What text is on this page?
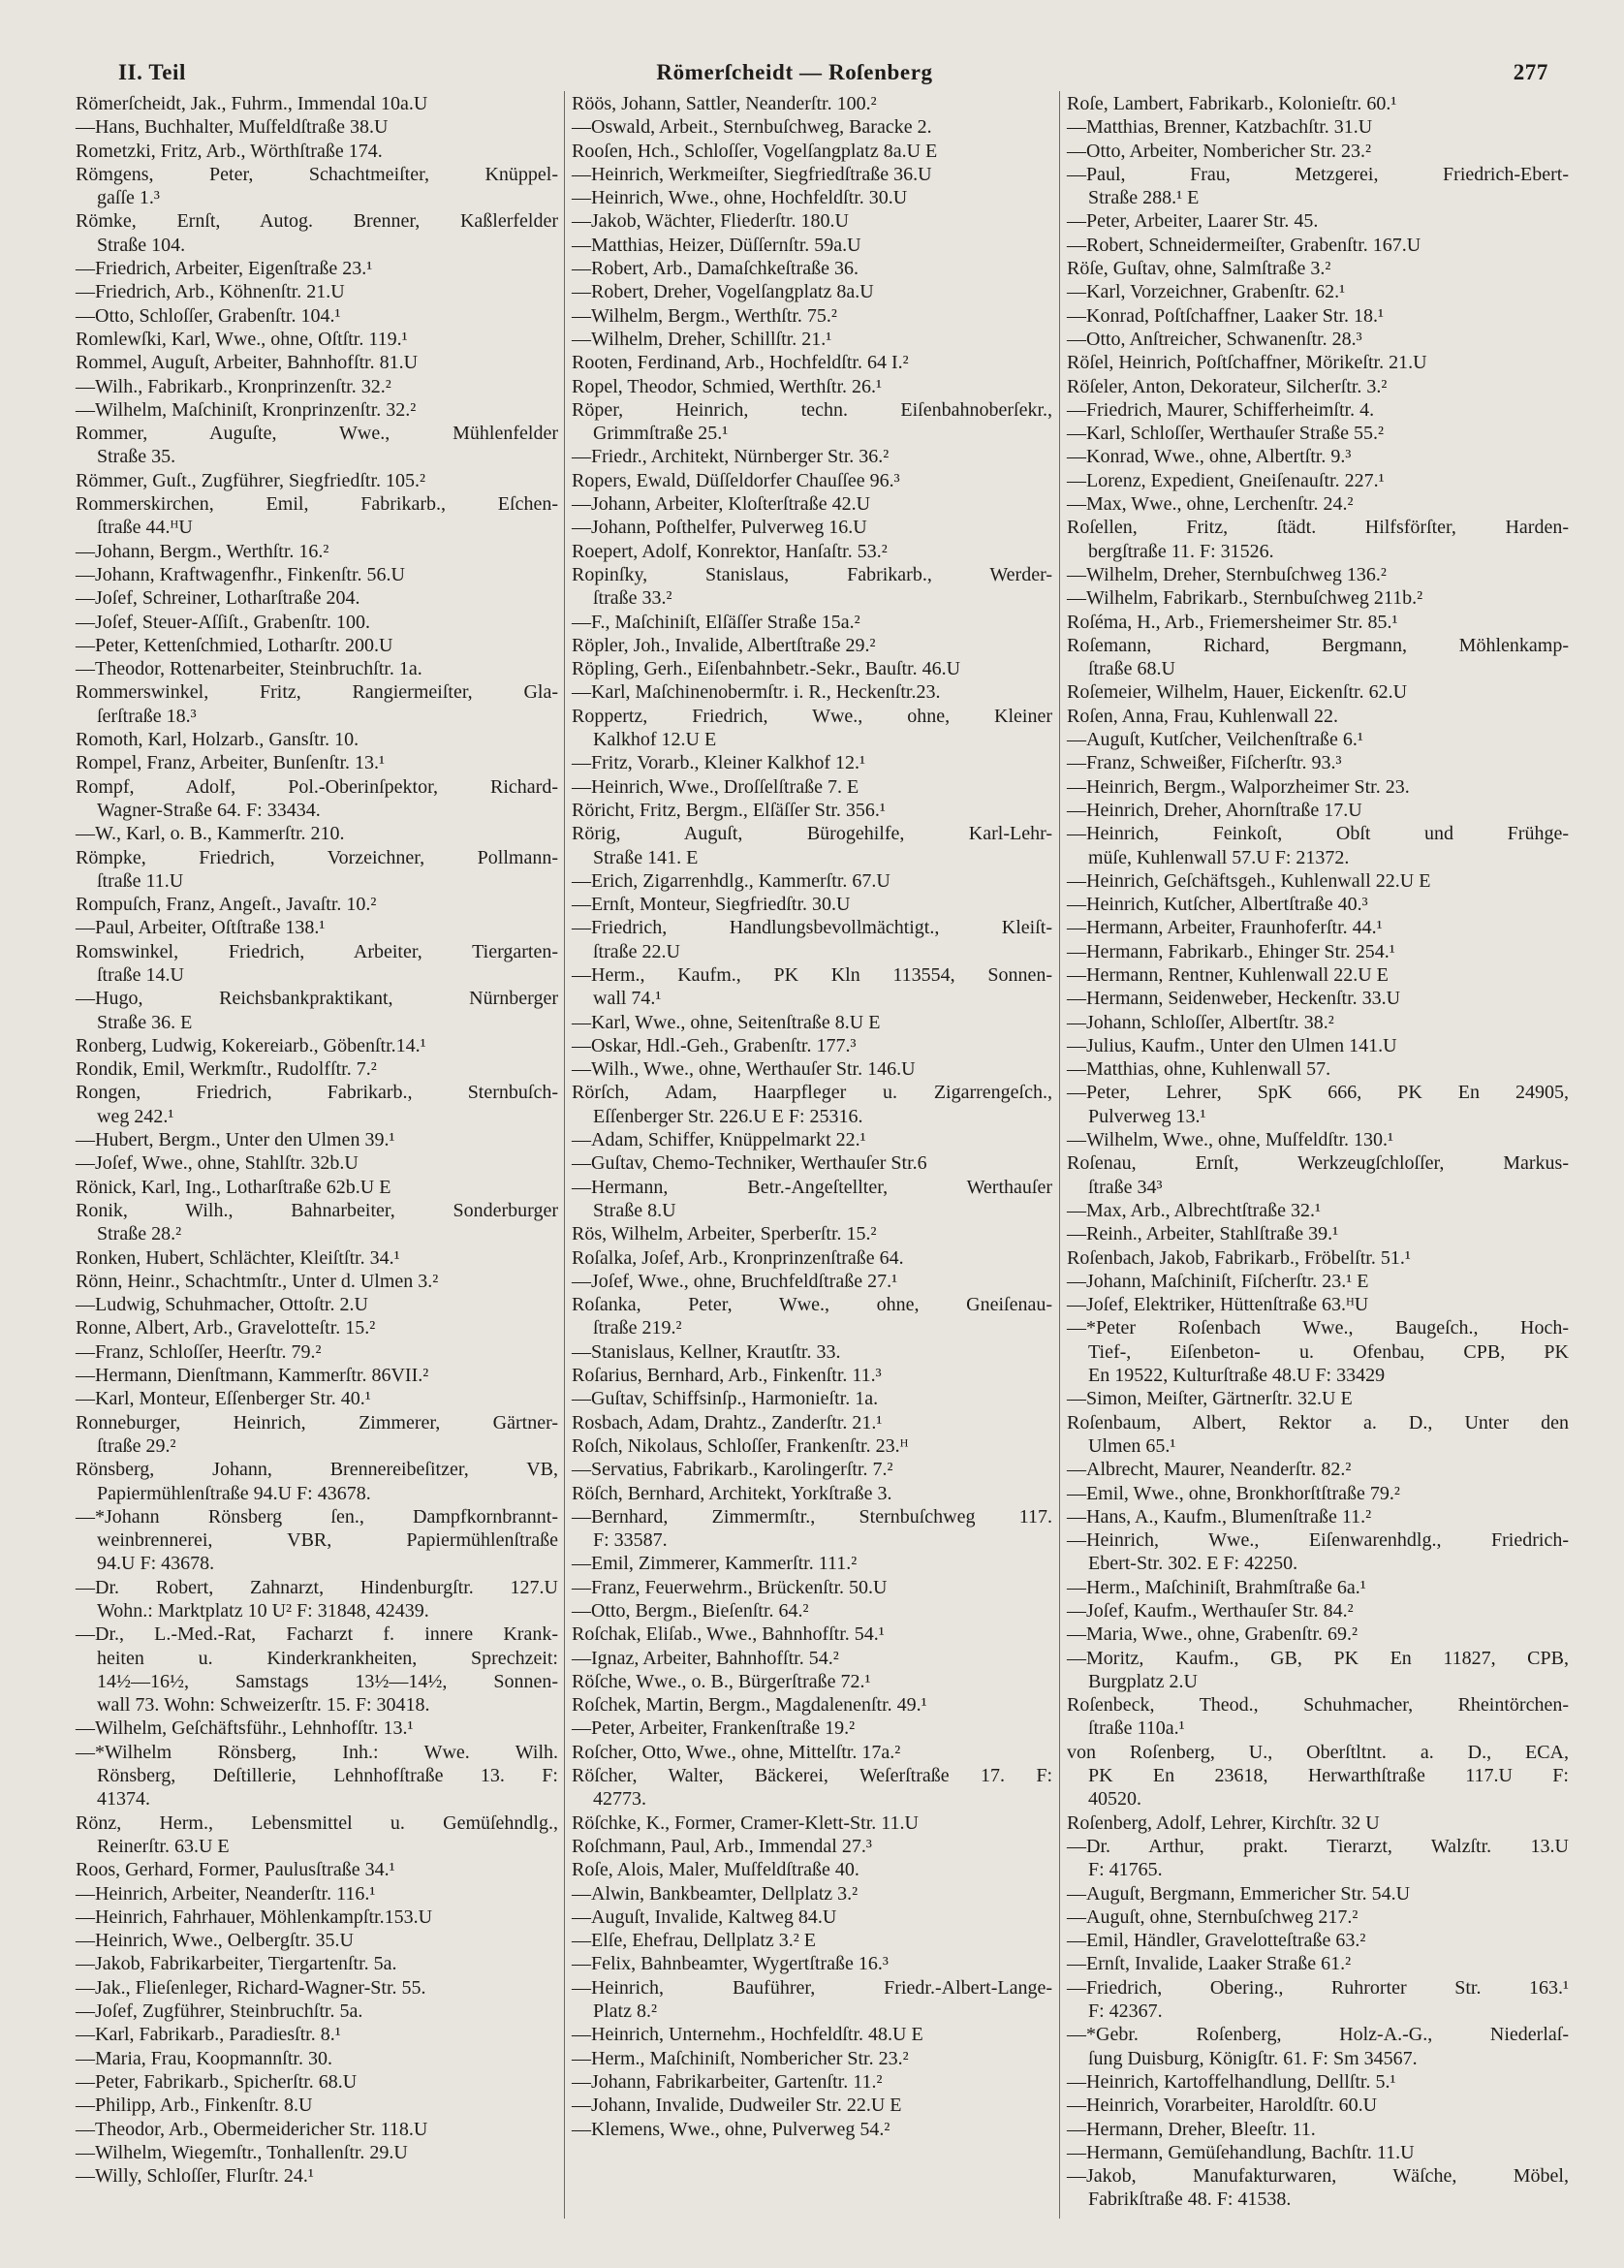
II. Teil	Römerſcheidt — Roſenberg	277
Römerſcheidt, Jak., Fuhrm., Immendal 10a.U
—Hans, Buchhalter, Muſfeldſtraße 38.U
Rometzki, Fritz, Arb., Wörthſtraße 174.
Römgens, Peter, Schachtmeiſter, Knüppel-
gaſſe 1.³
Römke, Ernſt, Autog. Brenner, Kaßlerfelder
Straße 104.
—Friedrich, Arbeiter, Eigenſtraße 23.¹
—Friedrich, Arb., Köhnenſtr. 21.U
—Otto, Schloſſer, Grabenſtr. 104.¹
Romlewſki, Karl, Wwe., ohne, Oſtſtr. 119.¹
Rommel, Auguſt, Arbeiter, Bahnhofſtr. 81.U
—Wilh., Fabrikarb., Kronprinzenſtr. 32.²
—Wilhelm, Maſchiniſt, Kronprinzenſtr. 32.²
Rommer, Auguſte, Wwe., Mühlenfelder
Straße 35.
Römmer, Guſt., Zugführer, Siegfriedſtr. 105.²
Rommerskirchen, Emil, Fabrikarb., Eſchen-
ſtraße 44.ᴴU
—Johann, Bergm., Werthſtr. 16.²
—Johann, Kraftwagenfhr., Finkenſtr. 56.U
—Joſef, Schreiner, Lotharſtraße 204.
—Joſef, Steuer-Aſſiſt., Grabenſtr. 100.
—Peter, Kettenſchmied, Lotharſtr. 200.U
—Theodor, Rottenarbeiter, Steinbruchſtr. 1a.
Rommerswinkel, Fritz, Rangiermeiſter, Gla-
ſerſtraße 18.³
Romoth, Karl, Holzarb., Gansſtr. 10.
Rompel, Franz, Arbeiter, Bunſenſtr. 13.¹
Rompf, Adolf, Pol.-Oberinſpektor, Richard-
Wagner-Straße 64. F: 33434.
—W., Karl, o. B., Kammerſtr. 210.
Römpke, Friedrich, Vorzeichner, Pollmann-
ſtraße 11.U
Rompuſch, Franz, Angeſt., Javaſtr. 10.²
—Paul, Arbeiter, Oſtſtraße 138.¹
Romswinkel, Friedrich, Arbeiter, Tiergarten-
ſtraße 14.U
—Hugo, Reichsbankpraktikant, Nürnberger
Straße 36. E
Ronberg, Ludwig, Kokereiarb., Göbenſtr.14.¹
Rondik, Emil, Werkmſtr., Rudolfſtr. 7.²
Rongen, Friedrich, Fabrikarb., Sternbuſch-
weg 242.¹
—Hubert, Bergm., Unter den Ulmen 39.¹
—Joſef, Wwe., ohne, Stahlſtr. 32b.U
Rönick, Karl, Ing., Lotharſtraße 62b.U E
Ronik, Wilh., Bahnarbeiter, Sonderburger
Straße 28.²
Ronken, Hubert, Schlächter, Kleiſtſtr. 34.¹
Rönn, Heinr., Schachtmſtr., Unter d. Ulmen 3.²
—Ludwig, Schuhmacher, Ottoſtr. 2.U
Ronne, Albert, Arb., Gravelotteſtr. 15.²
—Franz, Schloſſer, Heerſtr. 79.²
—Hermann, Dienſtmann, Kammerſtr. 86VII.²
—Karl, Monteur, Eſſenberger Str. 40.¹
Ronneburger, Heinrich, Zimmerer, Gärtner-
ſtraße 29.²
Rönsberg, Johann, Brennereibeſitzer, VB,
Papiermühlenſtraße 94.U F: 43678.
—*Johann Rönsberg ſen., Dampfkornbrannt-
weinbrennerei, VBR, Papiermühlenſtraße
94.U F: 43678.
—Dr. Robert, Zahnarzt, Hindenburgſtr. 127.U
Wohn.: Marktplatz 10 U² F: 31848, 42439.
—Dr., L.-Med.-Rat, Facharzt f. innere Krank-
heiten u. Kinderkrankheiten, Sprechzeit:
14½—16½, Samstags 13½—14½, Sonnen-
wall 73. Wohn: Schweizerſtr. 15. F: 30418.
—Wilhelm, Geſchäftsführ., Lehnhofſtr. 13.¹
—*Wilhelm Rönsberg, Inh.: Wwe. Wilh.
Rönsberg, Deſtillerie, Lehnhofſtraße 13. F:
41374.
Rönz, Herm., Lebensmittel u. Gemüſehndlg.,
Reinerſtr. 63.U E
Roos, Gerhard, Former, Paulusſtraße 34.¹
—Heinrich, Arbeiter, Neanderſtr. 116.¹
—Heinrich, Fahrhauer, Möhlenkampſtr.153.U
—Heinrich, Wwe., Oelbergſtr. 35.U
—Jakob, Fabrikarbeiter, Tiergartenſtr. 5a.
—Jak., Flieſenleger, Richard-Wagner-Str. 55.
—Joſef, Zugführer, Steinbruchſtr. 5a.
—Karl, Fabrikarb., Paradiesſtr. 8.¹
—Maria, Frau, Koopmannſtr. 30.
—Peter, Fabrikarb., Spicherſtr. 68.U
—Philipp, Arb., Finkenſtr. 8.U
—Theodor, Arb., Obermeidericher Str. 118.U
—Wilhelm, Wiegemſtr., Tonhallenſtr. 29.U
—Willy, Schloſſer, Flurſtr. 24.¹
Röös, Johann, Sattler, Neanderſtr. 100.²
—Oswald, Arbeit., Sternbuſchweg, Baracke 2.
Rooſen, Hch., Schloſſer, Vogelſangplatz 8a.U E
—Heinrich, Werkmeiſter, Siegfriedſtraße 36.U
—Heinrich, Wwe., ohne, Hochfeldſtr. 30.U
—Jakob, Wächter, Fliederſtr. 180.U
—Matthias, Heizer, Düſſernſtr. 59a.U
—Robert, Arb., Damaſchkeſtraße 36.
—Robert, Dreher, Vogelſangplatz 8a.U
—Wilhelm, Bergm., Werthſtr. 75.²
—Wilhelm, Dreher, Schillſtr. 21.¹
Rooten, Ferdinand, Arb., Hochfeldſtr. 64 I.²
Ropel, Theodor, Schmied, Werthſtr. 26.¹
Röper, Heinrich, techn. Eiſenbahnoberſekr.,
Grimmſtraße 25.¹
—Friedr., Architekt, Nürnberger Str. 36.²
Ropers, Ewald, Düſſeldorfer Chauſſee 96.³
—Johann, Arbeiter, Kloſterſtraße 42.U
—Johann, Poſthelfer, Pulverweg 16.U
Roepert, Adolf, Konrektor, Hanſaſtr. 53.²
Ropinſky, Stanislaus, Fabrikarb., Werder-
ſtraße 33.²
—F., Maſchiniſt, Elſäſſer Straße 15a.²
Röpler, Joh., Invalide, Albertſtraße 29.²
Röpling, Gerh., Eiſenbahnbetr.-Sekr., Bauſtr. 46.U
—Karl, Maſchinenobermſtr. i. R., Heckenſtr.23.
Roppertz, Friedrich, Wwe., ohne, Kleiner
Kalkhof 12.U E
—Fritz, Vorarb., Kleiner Kalkhof 12.¹
—Heinrich, Wwe., Droſſelſtraße 7. E
Röricht, Fritz, Bergm., Elſäſſer Str. 356.¹
Rörig, Auguſt, Bürogehilfe, Karl-Lehr-
Straße 141. E
—Erich, Zigarrenhdlg., Kammerſtr. 67.U
—Ernſt, Monteur, Siegfriedſtr. 30.U
—Friedrich, Handlungsbevollmächtigt., Kleiſt-
ſtraße 22.U
—Herm., Kaufm., PK Kln 113554, Sonnen-
wall 74.¹
—Karl, Wwe., ohne, Seitenſtraße 8.U E
—Oskar, Hdl.-Geh., Grabenſtr. 177.³
—Wilh., Wwe., ohne, Werthauſer Str. 146.U
Rörſch, Adam, Haarpfleger u. Zigarrengeſch.,
Eſſenberger Str. 226.U E F: 25316.
—Adam, Schiffer, Knüppelmarkt 22.¹
—Guſtav, Chemo-Techniker, Werthauſer Str.6
—Hermann, Betr.-Angeſtellter, Werthauſer
Straße 8.U
Rös, Wilhelm, Arbeiter, Sperberſtr. 15.²
Roſalka, Joſef, Arb., Kronprinzenſtraße 64.
—Joſef, Wwe., ohne, Bruchfeldſtraße 27.¹
Roſanka, Peter, Wwe., ohne, Gneiſenau-
ſtraße 219.²
—Stanislaus, Kellner, Krautſtr. 33.
Roſarius, Bernhard, Arb., Finkenſtr. 11.³
—Guſtav, Schiffsinſp., Harmonieſtr. 1a.
Rosbach, Adam, Drahtz., Zanderſtr. 21.¹
Roſch, Nikolaus, Schloſſer, Frankenſtr. 23.ᴴ
—Servatius, Fabrikarb., Karolingerſtr. 7.²
Röſch, Bernhard, Architekt, Yorkſtraße 3.
—Bernhard, Zimmermſtr., Sternbuſchweg 117.
F: 33587.
—Emil, Zimmerer, Kammerſtr. 111.²
—Franz, Feuerwehrm., Brückenſtr. 50.U
—Otto, Bergm., Bieſenſtr. 64.²
Roſchak, Eliſab., Wwe., Bahnhofſtr. 54.¹
—Ignaz, Arbeiter, Bahnhofſtr. 54.²
Röſche, Wwe., o. B., Bürgerſtraße 72.¹
Roſchek, Martin, Bergm., Magdalenenſtr. 49.¹
—Peter, Arbeiter, Frankenſtraße 19.²
Roſcher, Otto, Wwe., ohne, Mittelſtr. 17a.²
Röſcher, Walter, Bäckerei, Weſerſtraße 17. F:
42773.
Röſchke, K., Former, Cramer-Klett-Str. 11.U
Roſchmann, Paul, Arb., Immendal 27.³
Roſe, Alois, Maler, Muſfeldſtraße 40.
—Alwin, Bankbeamter, Dellplatz 3.²
—Auguſt, Invalide, Kaltweg 84.U
—Elſe, Ehefrau, Dellplatz 3.² E
—Felix, Bahnbeamter, Wygertſtraße 16.³
—Heinrich, Bauführer, Friedr.-Albert-Lange-
Platz 8.²
—Heinrich, Unternehm., Hochfeldſtr. 48.U E
—Herm., Maſchiniſt, Nombericher Str. 23.²
—Johann, Fabrikarbeiter, Gartenſtr. 11.²
—Johann, Invalide, Dudweiler Str. 22.U E
—Klemens, Wwe., ohne, Pulverweg 54.²
Roſe, Lambert, Fabrikarb., Kolonieſtr. 60.¹
—Matthias, Brenner, Katzbachſtr. 31.U
—Otto, Arbeiter, Nombericher Str. 23.²
—Paul, Frau, Metzgerei, Friedrich-Ebert-
Straße 288.¹ E
—Peter, Arbeiter, Laarer Str. 45.
—Robert, Schneidermeiſter, Grabenſtr. 167.U
Röſe, Guſtav, ohne, Salmſtraße 3.²
—Karl, Vorzeichner, Grabenſtr. 62.¹
—Konrad, Poſtſchaffner, Laaker Str. 18.¹
—Otto, Anſtreicher, Schwanenſtr. 28.³
Röſel, Heinrich, Poſtſchaffner, Mörikeſtr. 21.U
Röſeler, Anton, Dekorateur, Silcherſtr. 3.²
—Friedrich, Maurer, Schifferheimſtr. 4.
—Karl, Schloſſer, Werthauſer Straße 55.²
—Konrad, Wwe., ohne, Albertſtr. 9.³
—Lorenz, Expedient, Gneiſenauſtr. 227.¹
—Max, Wwe., ohne, Lerchenſtr. 24.²
Roſellen, Fritz, ſtädt. Hilfsförſter, Harden-
bergſtraße 11. F: 31526.
—Wilhelm, Dreher, Sternbuſchweg 136.²
—Wilhelm, Fabrikarb., Sternbuſchweg 211b.²
Roſéma, H., Arb., Friemersheimer Str. 85.¹
Roſemann, Richard, Bergmann, Möhlenkamp-
ſtraße 68.U
Roſemeier, Wilhelm, Hauer, Eickenſtr. 62.U
Roſen, Anna, Frau, Kuhlenwall 22.
—Auguſt, Kutſcher, Veilchenſtraße 6.¹
—Franz, Schweißer, Fiſcherſtr. 93.³
—Heinrich, Bergm., Walporzheimer Str. 23.
—Heinrich, Dreher, Ahornſtraße 17.U
—Heinrich, Feinkoſt, Obſt und Frühge-
müſe, Kuhlenwall 57.U F: 21372.
—Heinrich, Geſchäftsgeh., Kuhlenwall 22.U E
—Heinrich, Kutſcher, Albertſtraße 40.³
—Hermann, Arbeiter, Fraunhoferſtr. 44.¹
—Hermann, Fabrikarb., Ehinger Str. 254.¹
—Hermann, Rentner, Kuhlenwall 22.U E
—Hermann, Seidenweber, Heckenſtr. 33.U
—Johann, Schloſſer, Albertſtr. 38.²
—Julius, Kaufm., Unter den Ulmen 141.U
—Matthias, ohne, Kuhlenwall 57.
—Peter, Lehrer, SpK 666, PK En 24905,
Pulverweg 13.¹
—Wilhelm, Wwe., ohne, Muſfeldſtr. 130.¹
Roſenau, Ernſt, Werkzeugſchloſſer, Markus-
ſtraße 34³
—Max, Arb., Albrechtſtraße 32.¹
—Reinh., Arbeiter, Stahlſtraße 39.¹
Roſenbach, Jakob, Fabrikarb., Fröbelſtr. 51.¹
—Johann, Maſchiniſt, Fiſcherſtr. 23.¹ E
—Joſef, Elektriker, Hüttenſtraße 63.ᴴU
—*Peter Roſenbach Wwe., Baugeſch., Hoch-
Tief-, Eiſenbeton- u. Ofenbau, CPB, PK
En 19522, Kulturſtraße 48.U F: 33429
—Simon, Meiſter, Gärtnerſtr. 32.U E
Roſenbaum, Albert, Rektor a. D., Unter den
Ulmen 65.¹
—Albrecht, Maurer, Neanderſtr. 82.²
—Emil, Wwe., ohne, Bronkhorſtſtraße 79.²
—Hans, A., Kaufm., Blumenſtraße 11.²
—Heinrich, Wwe., Eiſenwarenhdlg., Friedrich-
Ebert-Str. 302. E F: 42250.
—Herm., Maſchiniſt, Brahmſtraße 6a.¹
—Joſef, Kaufm., Werthauſer Str. 84.²
—Maria, Wwe., ohne, Grabenſtr. 69.²
—Moritz, Kaufm., GB, PK En 11827, CPB,
Burgplatz 2.U
Roſenbeck, Theod., Schuhmacher, Rheintörchen-
ſtraße 110a.¹
von Roſenberg, U., Oberſtltnt. a. D., ECA,
PK En 23618, Herwarthſtraße 117.U F:
40520.
Roſenberg, Adolf, Lehrer, Kirchſtr. 32 U
—Dr. Arthur, prakt. Tierarzt, Walzſtr. 13.U
F: 41765.
—Auguſt, Bergmann, Emmericher Str. 54.U
—Auguſt, ohne, Sternbuſchweg 217.²
—Emil, Händler, Gravelotteſtraße 63.²
—Ernſt, Invalide, Laaker Straße 61.²
—Friedrich, Obering., Ruhrorter Str. 163.¹
F: 42367.
—*Gebr. Roſenberg, Holz-A.-G., Niederlaſ-
ſung Duisburg, Königſtr. 61. F: Sm 34567.
—Heinrich, Kartoffelhandlung, Dellſtr. 5.¹
—Heinrich, Vorarbeiter, Haroldſtr. 60.U
—Hermann, Dreher, Bleeſtr. 11.
—Hermann, Gemüſehandlung, Bachſtr. 11.U
—Jakob, Manufakturwaren, Wäſche, Möbel,
Fabrikſtraße 48. F: 41538.
